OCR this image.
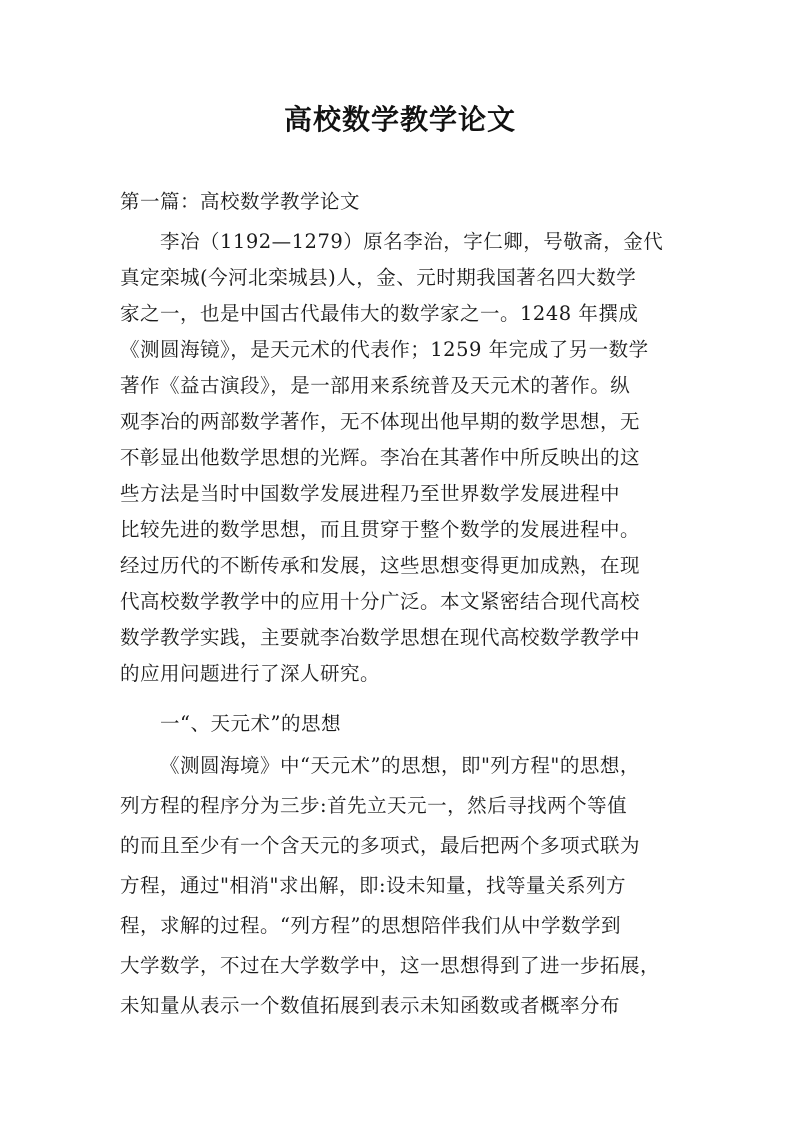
高校数学教学论文
第一篇：高校数学教学论文
李冶（1192—1279）原名李治，字仁卿，号敬斋，金代
真定栾城(今河北栾城县)人，金、元时期我国著名四大数学
家之一，也是中国古代最伟大的数学家之一。1248 年撰成
《测圆海镜》，是天元术的代表作；1259 年完成了另一数学
著作《益古演段》，是一部用来系统普及天元术的著作。纵
观李冶的两部数学著作，无不体现出他早期的数学思想，无
不彰显出他数学思想的光辉。李冶在其著作中所反映出的这
些方法是当时中国数学发展进程乃至世界数学发展进程中
比较先进的数学思想，而且贯穿于整个数学的发展进程中。
经过历代的不断传承和发展，这些思想变得更加成熟，在现
代高校数学教学中的应用十分广泛。本文紧密结合现代高校
数学教学实践，主要就李冶数学思想在现代高校数学教学中
的应用问题进行了深人研究。
一“、天元术”的思想
《测圆海境》中“天元术”的思想，即"列方程"的思想，
列方程的程序分为三步:首先立天元一，然后寻找两个等值
的而且至少有一个含天元的多项式，最后把两个多项式联为
方程，通过"相消"求出解，即:设未知量，找等量关系列方
程，求解的过程。“列方程”的思想陪伴我们从中学数学到
大学数学，不过在大学数学中，这一思想得到了进一步拓展，
未知量从表示一个数值拓展到表示未知函数或者概率分布
